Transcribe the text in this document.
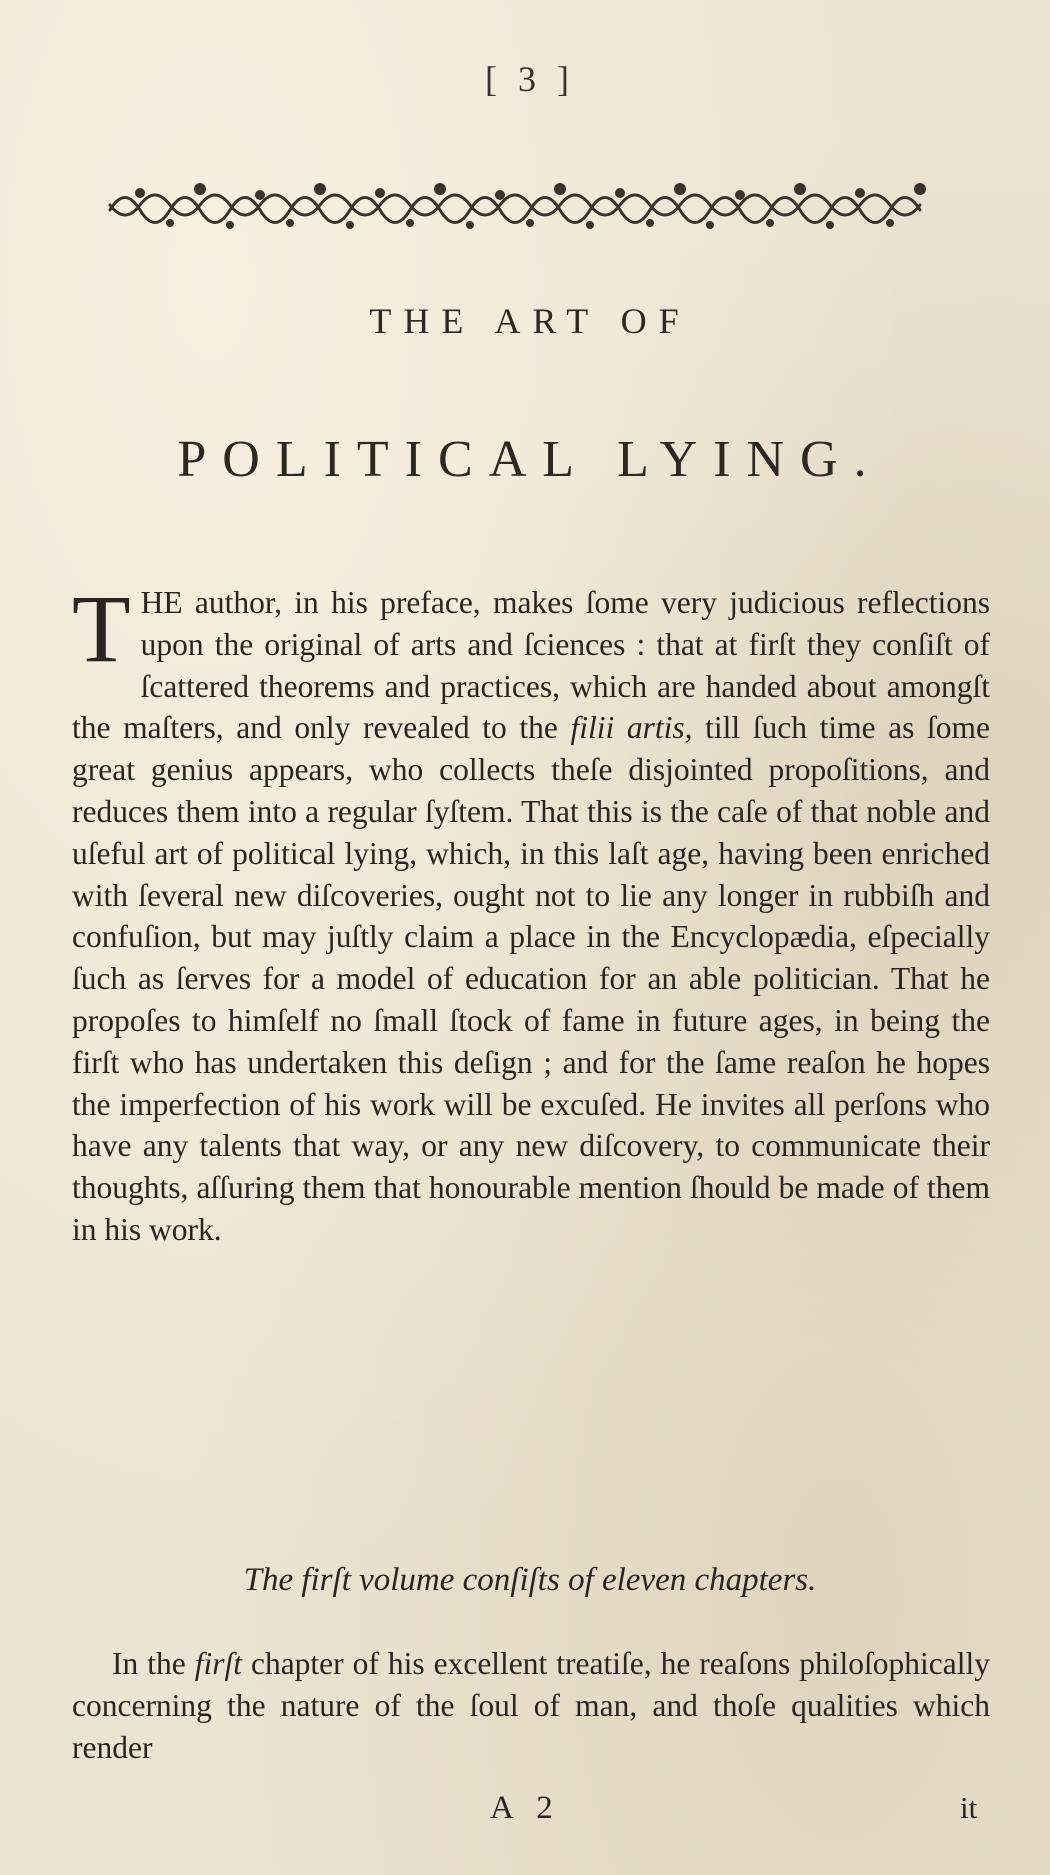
[ 3 ]
THE ART OF
POLITICAL LYING.
THE author, in his preface, makes ſome very judicious reflections upon the original of arts and ſciences : that at firſt they conſiſt of ſcattered theorems and practices, which are handed about amongſt the maſters, and only revealed to the filii artis, till ſuch time as ſome great genius appears, who collects theſe disjointed propoſitions, and reduces them into a regular ſyſtem. That this is the caſe of that noble and uſeful art of political lying, which, in this laſt age, having been enriched with ſeveral new diſcoveries, ought not to lie any longer in rubbiſh and confuſion, but may juſtly claim a place in the Encyclopædia, eſpecially ſuch as ſerves for a model of education for an able politician. That he propoſes to himſelf no ſmall ſtock of fame in future ages, in being the firſt who has undertaken this deſign ; and for the ſame reaſon he hopes the imperfection of his work will be excuſed. He invites all perſons who have any talents that way, or any new diſcovery, to communicate their thoughts, aſſuring them that honourable mention ſhould be made of them in his work.
The firſt volume conſiſts of eleven chapters.
In the firſt chapter of his excellent treatiſe, he reaſons philoſophically concerning the nature of the ſoul of man, and thoſe qualities which render
A 2	it
